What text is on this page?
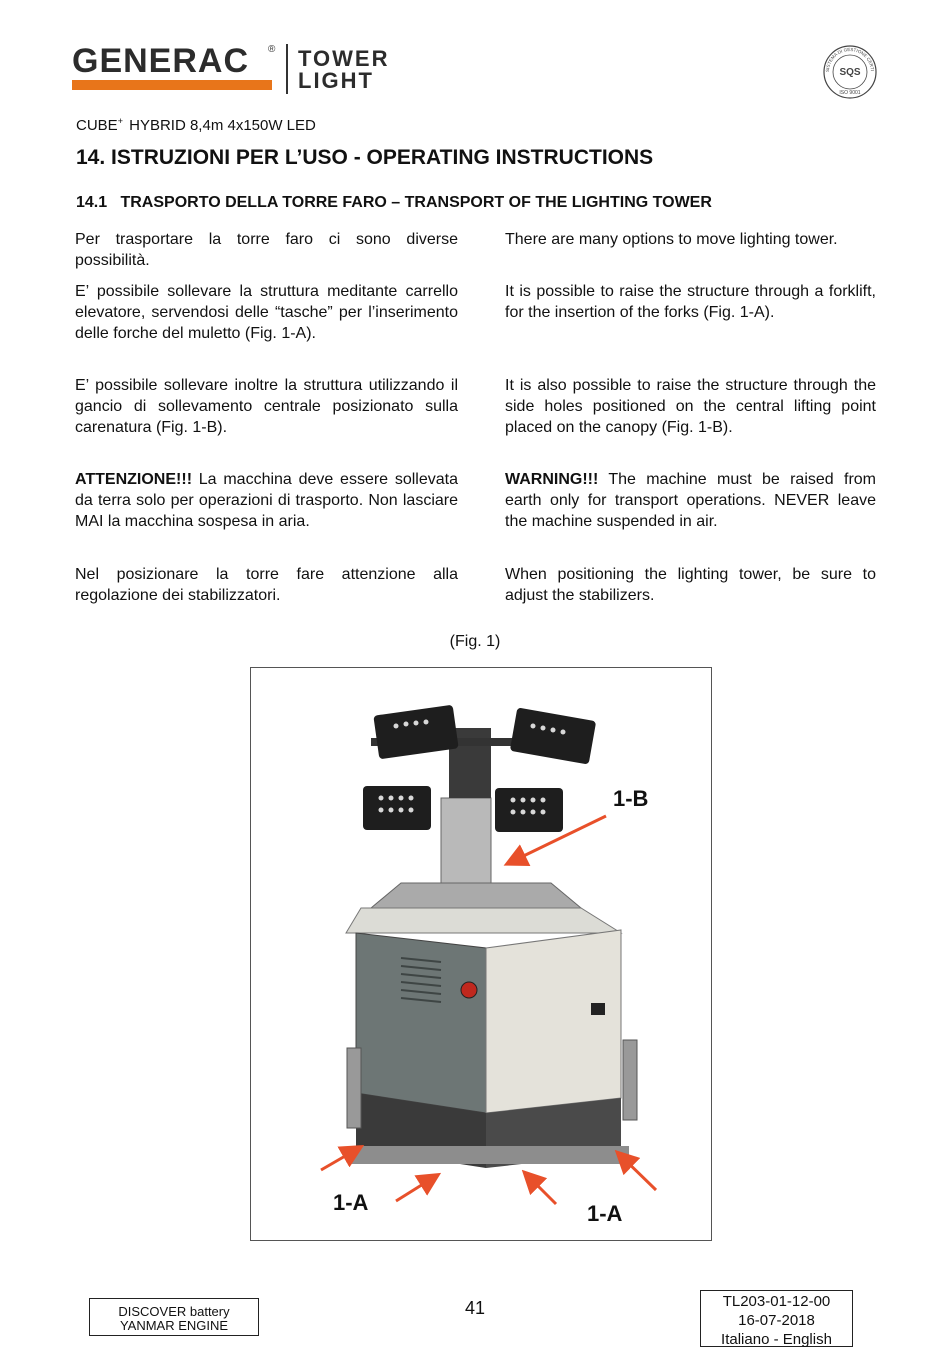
GENERAC ® TOWER
LIGHT	SISTEMA DI GESTIONE CERTI
SQS
ISO 9001
CUBE+ HYBRID 8,4m 4x150W LED
14. ISTRUZIONI PER L’USO - OPERATING INSTRUCTIONS
14.1   TRASPORTO DELLA TORRE FARO – TRANSPORT OF THE LIGHTING TOWER

Per trasportare la torre faro ci sono diverse possibilità.

E’ possibile sollevare la struttura meditante carrello elevatore, servendosi delle “tasche” per l’inserimento delle forche del muletto (Fig. 1-A).

E’ possibile sollevare inoltre la struttura utilizzando il gancio di sollevamento centrale posizionato sulla carenatura (Fig. 1-B).

ATTENZIONE!!! La macchina deve essere sollevata da terra solo per operazioni di trasporto. Non lasciare MAI la macchina sospesa in aria.

Nel posizionare la torre fare attenzione alla regolazione dei stabilizzatori.

There are many options to move lighting tower.

It is possible to raise the structure through a forklift, for the insertion of the forks (Fig. 1-A).

It is also possible to raise the structure through the side holes positioned on the central lifting point placed on the canopy (Fig. 1-B).

WARNING!!! The machine must be raised from earth only for transport operations. NEVER leave the machine suspended in air.

When positioning the lighting tower, be sure to adjust the stabilizers.

(Fig. 1)
1-B
1-A	1-A
DISCOVER battery
YANMAR ENGINE
41	TL203-01-12-00
16-07-2018
Italiano - English
